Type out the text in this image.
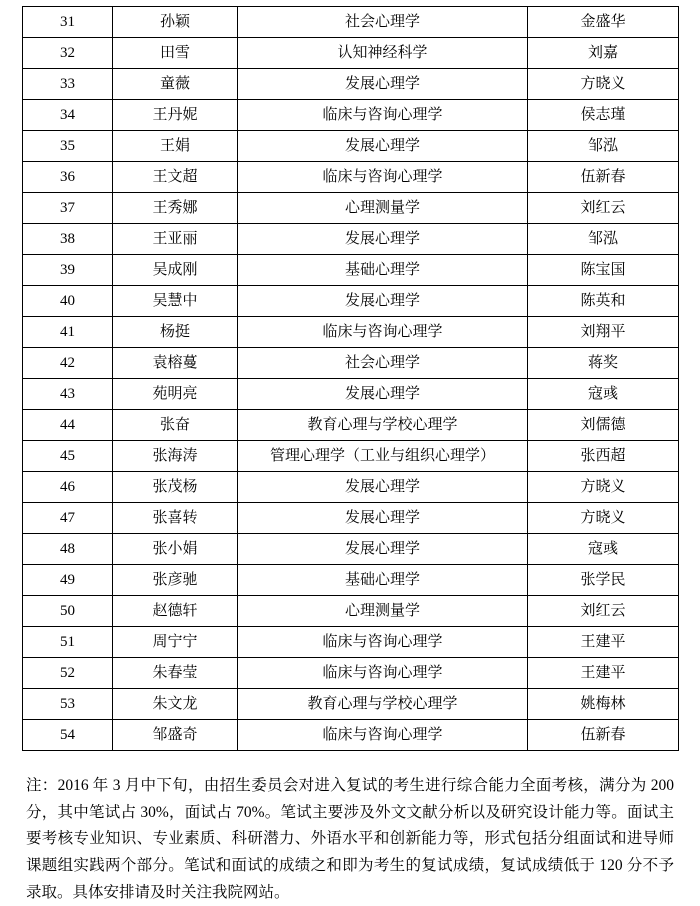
31	孙颖	社会心理学	金盛华
32	田雪	认知神经科学	刘嘉
33	童薇	发展心理学	方晓义
34	王丹妮	临床与咨询心理学	侯志瑾
35	王娟	发展心理学	邹泓
36	王文超	临床与咨询心理学	伍新春
37	王秀娜	心理测量学	刘红云
38	王亚丽	发展心理学	邹泓
39	吴成刚	基础心理学	陈宝国
40	吴慧中	发展心理学	陈英和
41	杨挺	临床与咨询心理学	刘翔平
42	袁榕蔓	社会心理学	蒋奖
43	苑明亮	发展心理学	寇彧
44	张奋	教育心理与学校心理学	刘儒德
45	张海涛	管理心理学（工业与组织心理学）	张西超
46	张茂杨	发展心理学	方晓义
47	张喜转	发展心理学	方晓义
48	张小娟	发展心理学	寇彧
49	张彦驰	基础心理学	张学民
50	赵德轩	心理测量学	刘红云
51	周宁宁	临床与咨询心理学	王建平
52	朱春莹	临床与咨询心理学	王建平
53	朱文龙	教育心理与学校心理学	姚梅林
54	邹盛奇	临床与咨询心理学	伍新春

注：2016 年 3 月中下旬，由招生委员会对进入复试的考生进行综合能力全面考核，满分为 200 分，其中笔试占 30%，面试占 70%。笔试主要涉及外文文献分析以及研究设计能力等。面试主要考核专业知识、专业素质、科研潜力、外语水平和创新能力等，形式包括分组面试和进导师课题组实践两个部分。笔试和面试的成绩之和即为考生的复试成绩，复试成绩低于 120 分不予录取。具体安排请及时关注我院网站。
